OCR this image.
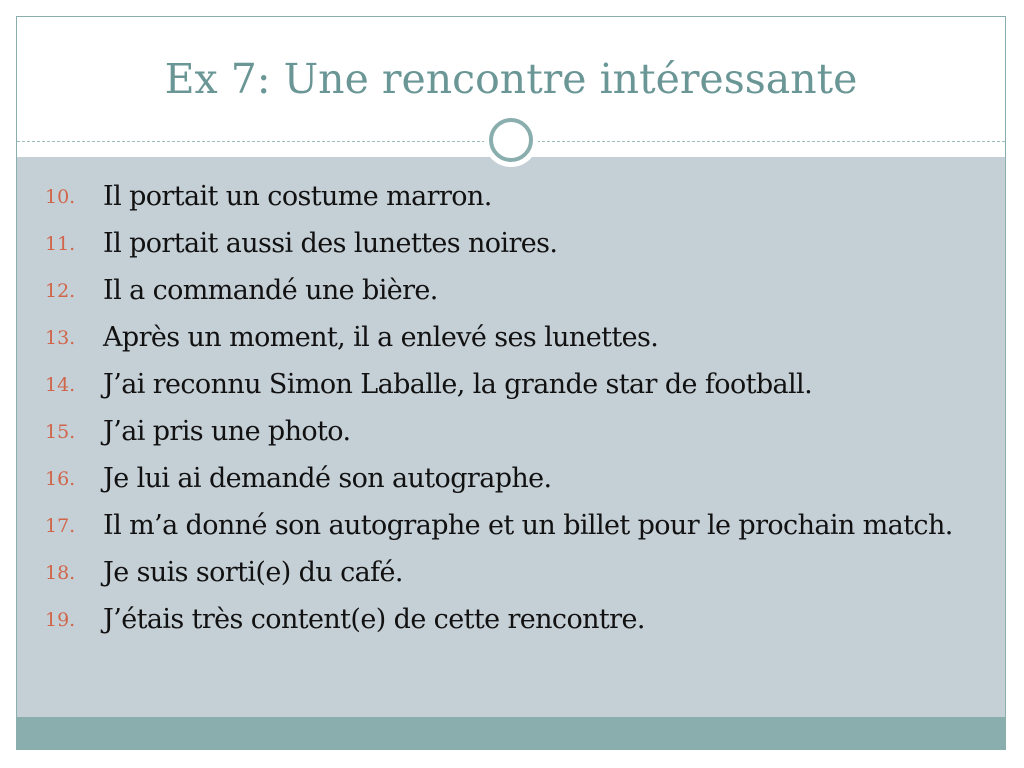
Ex 7: Une rencontre intéressante
10.	Il portait un costume marron.
11.	Il portait aussi des lunettes noires.
12.	Il a commandé une bière.
13.	Après un moment, il a enlevé ses lunettes.
14.	J’ai reconnu Simon Laballe, la grande star de football.
15.	J’ai pris une photo.
16.	Je lui ai demandé son autographe.
17.	Il m’a donné son autographe et un billet pour le prochain match.
18.	Je suis sorti(e) du café.
19.	J’étais très content(e) de cette rencontre.
